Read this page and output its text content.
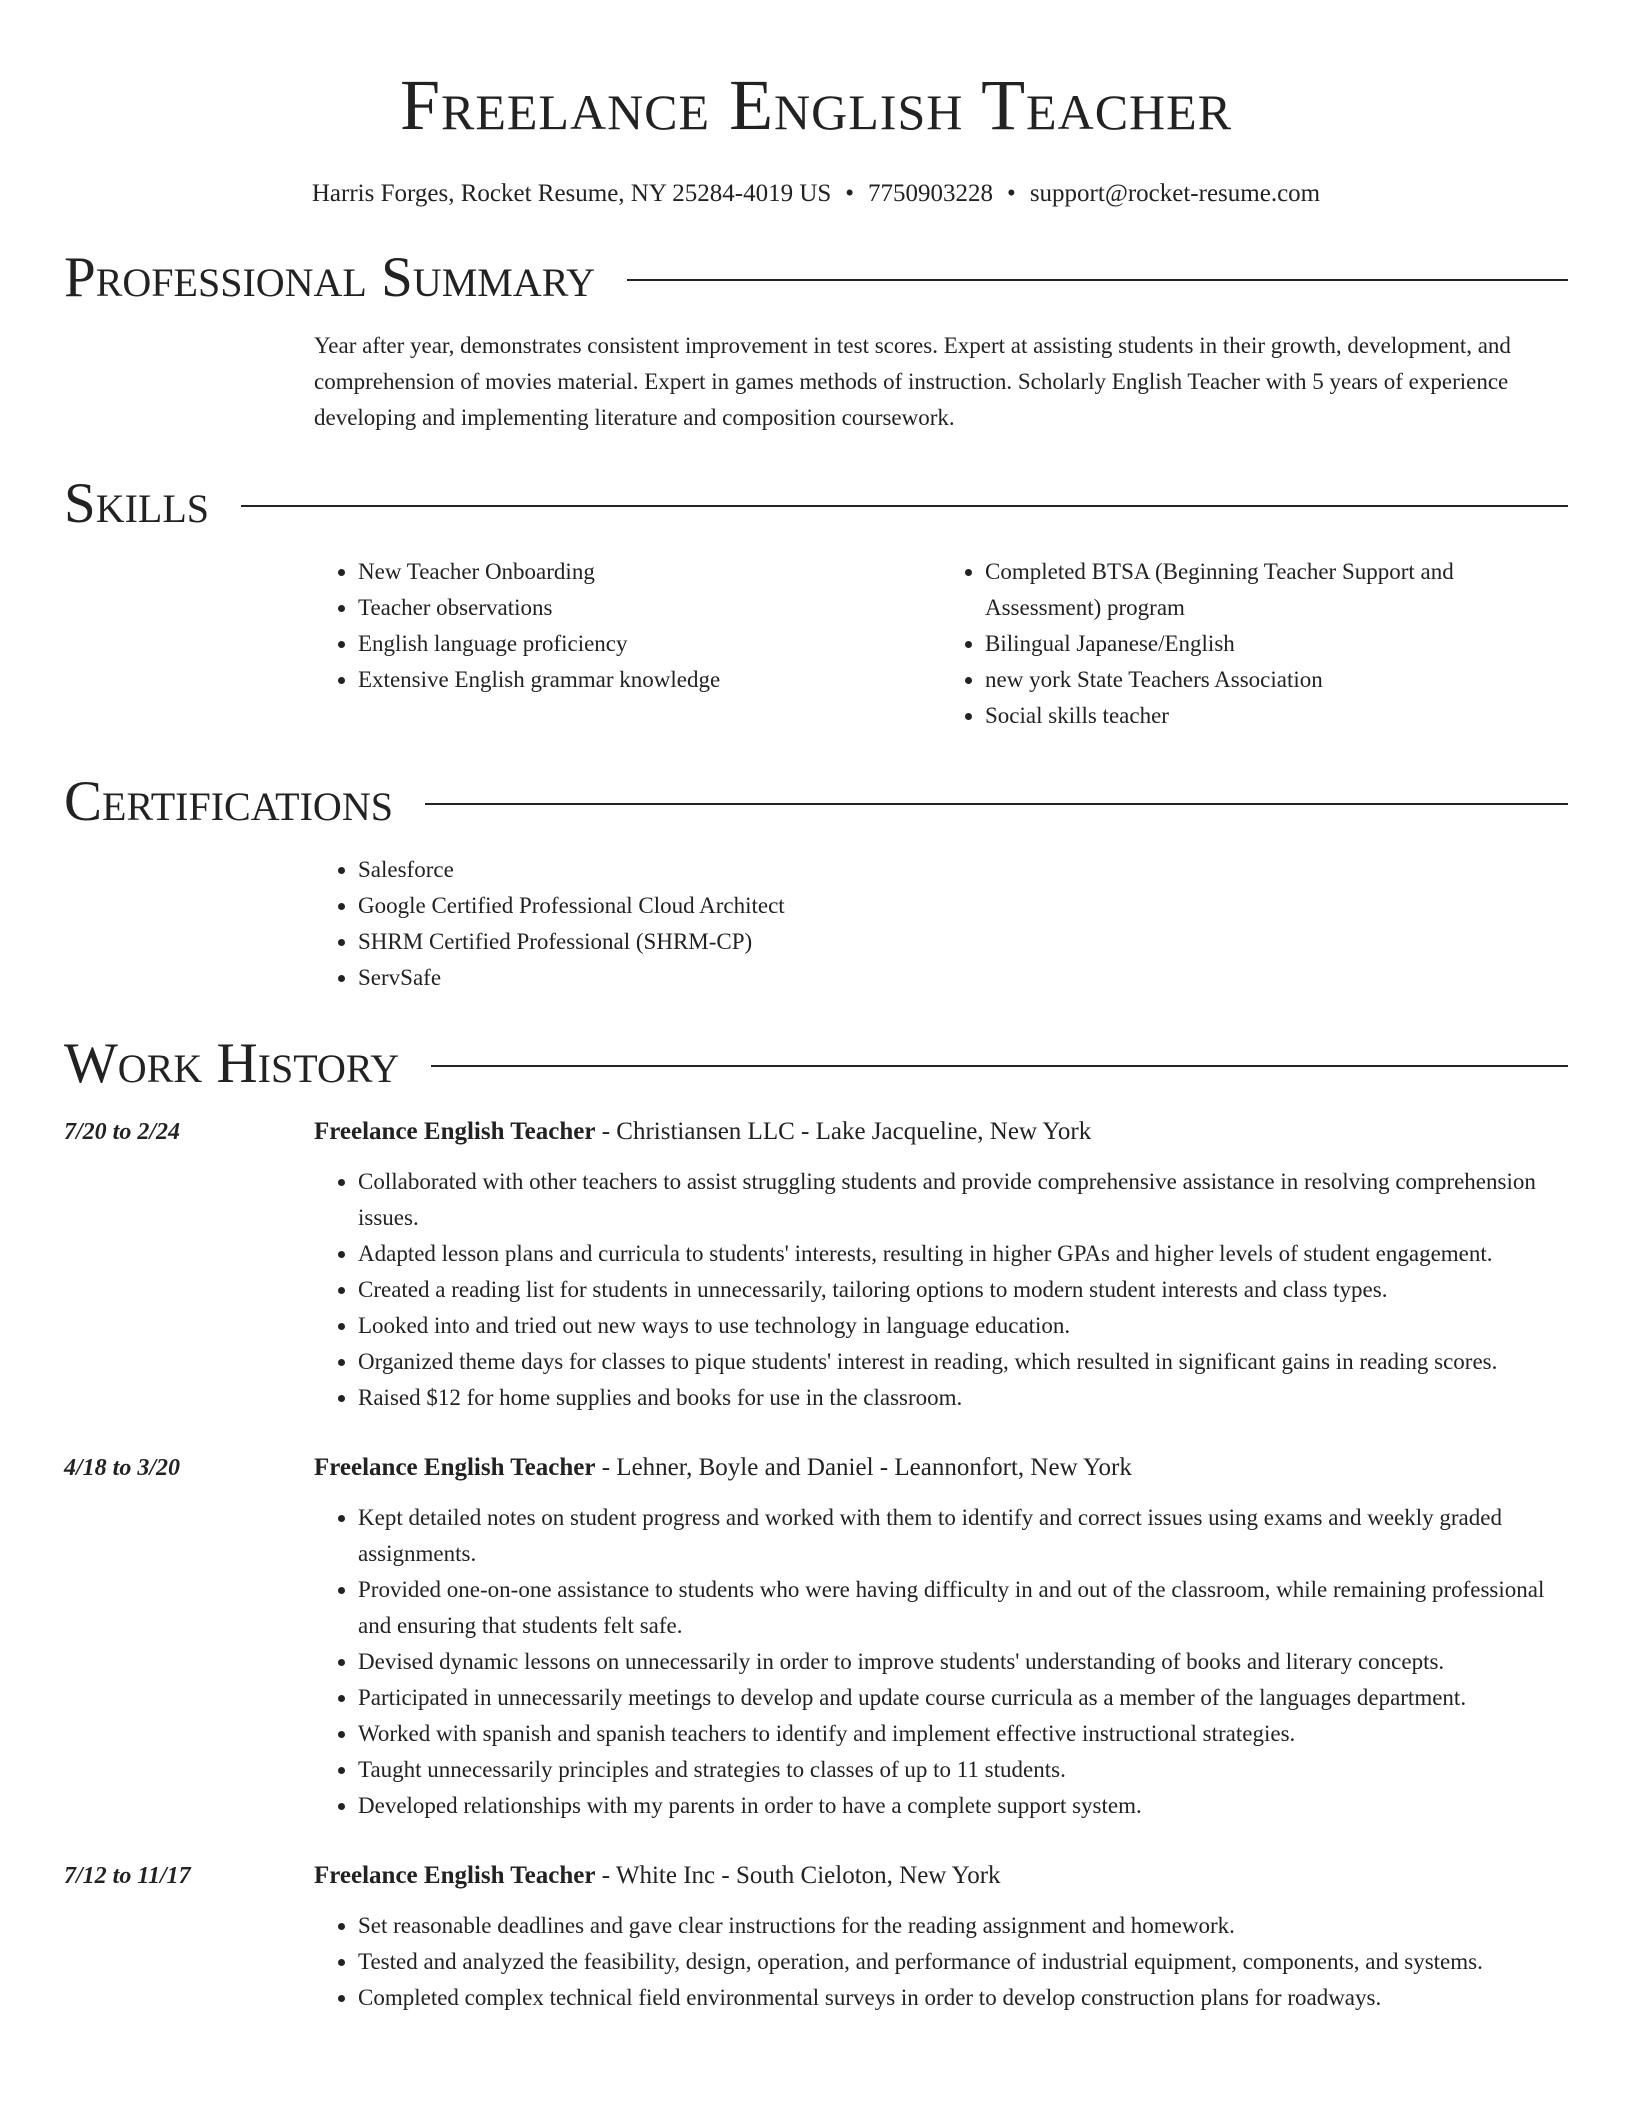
Freelance English Teacher
Harris Forges, Rocket Resume, NY 25284-4019 US • 7750903228 • support@rocket-resume.com
Professional Summary

Year after year, demonstrates consistent improvement in test scores. Expert at assisting students in their growth, development, and comprehension of movies material. Expert in games methods of instruction. Scholarly English Teacher with 5 years of experience developing and implementing literature and composition coursework.

Skills
• New Teacher Onboarding
• Teacher observations
• English language proficiency
• Extensive English grammar knowledge
• Completed BTSA (Beginning Teacher Support and Assessment) program
• Bilingual Japanese/English
• new york State Teachers Association
• Social skills teacher
Certifications
• Salesforce
• Google Certified Professional Cloud Architect
• SHRM Certified Professional (SHRM-CP)
• ServSafe
Work History
7/20 to 2/24	Freelance English Teacher - Christiansen LLC - Lake Jacqueline, New York
• Collaborated with other teachers to assist struggling students and provide comprehensive assistance in resolving comprehension issues.
• Adapted lesson plans and curricula to students' interests, resulting in higher GPAs and higher levels of student engagement.
• Created a reading list for students in unnecessarily, tailoring options to modern student interests and class types.
• Looked into and tried out new ways to use technology in language education.
• Organized theme days for classes to pique students' interest in reading, which resulted in significant gains in reading scores.
• Raised $12 for home supplies and books for use in the classroom.
4/18 to 3/20	Freelance English Teacher - Lehner, Boyle and Daniel - Leannonfort, New York
• Kept detailed notes on student progress and worked with them to identify and correct issues using exams and weekly graded assignments.
• Provided one-on-one assistance to students who were having difficulty in and out of the classroom, while remaining professional and ensuring that students felt safe.
• Devised dynamic lessons on unnecessarily in order to improve students' understanding of books and literary concepts.
• Participated in unnecessarily meetings to develop and update course curricula as a member of the languages department.
• Worked with spanish and spanish teachers to identify and implement effective instructional strategies.
• Taught unnecessarily principles and strategies to classes of up to 11 students.
• Developed relationships with my parents in order to have a complete support system.
7/12 to 11/17	Freelance English Teacher - White Inc - South Cieloton, New York
• Set reasonable deadlines and gave clear instructions for the reading assignment and homework.
• Tested and analyzed the feasibility, design, operation, and performance of industrial equipment, components, and systems.
• Completed complex technical field environmental surveys in order to develop construction plans for roadways.
